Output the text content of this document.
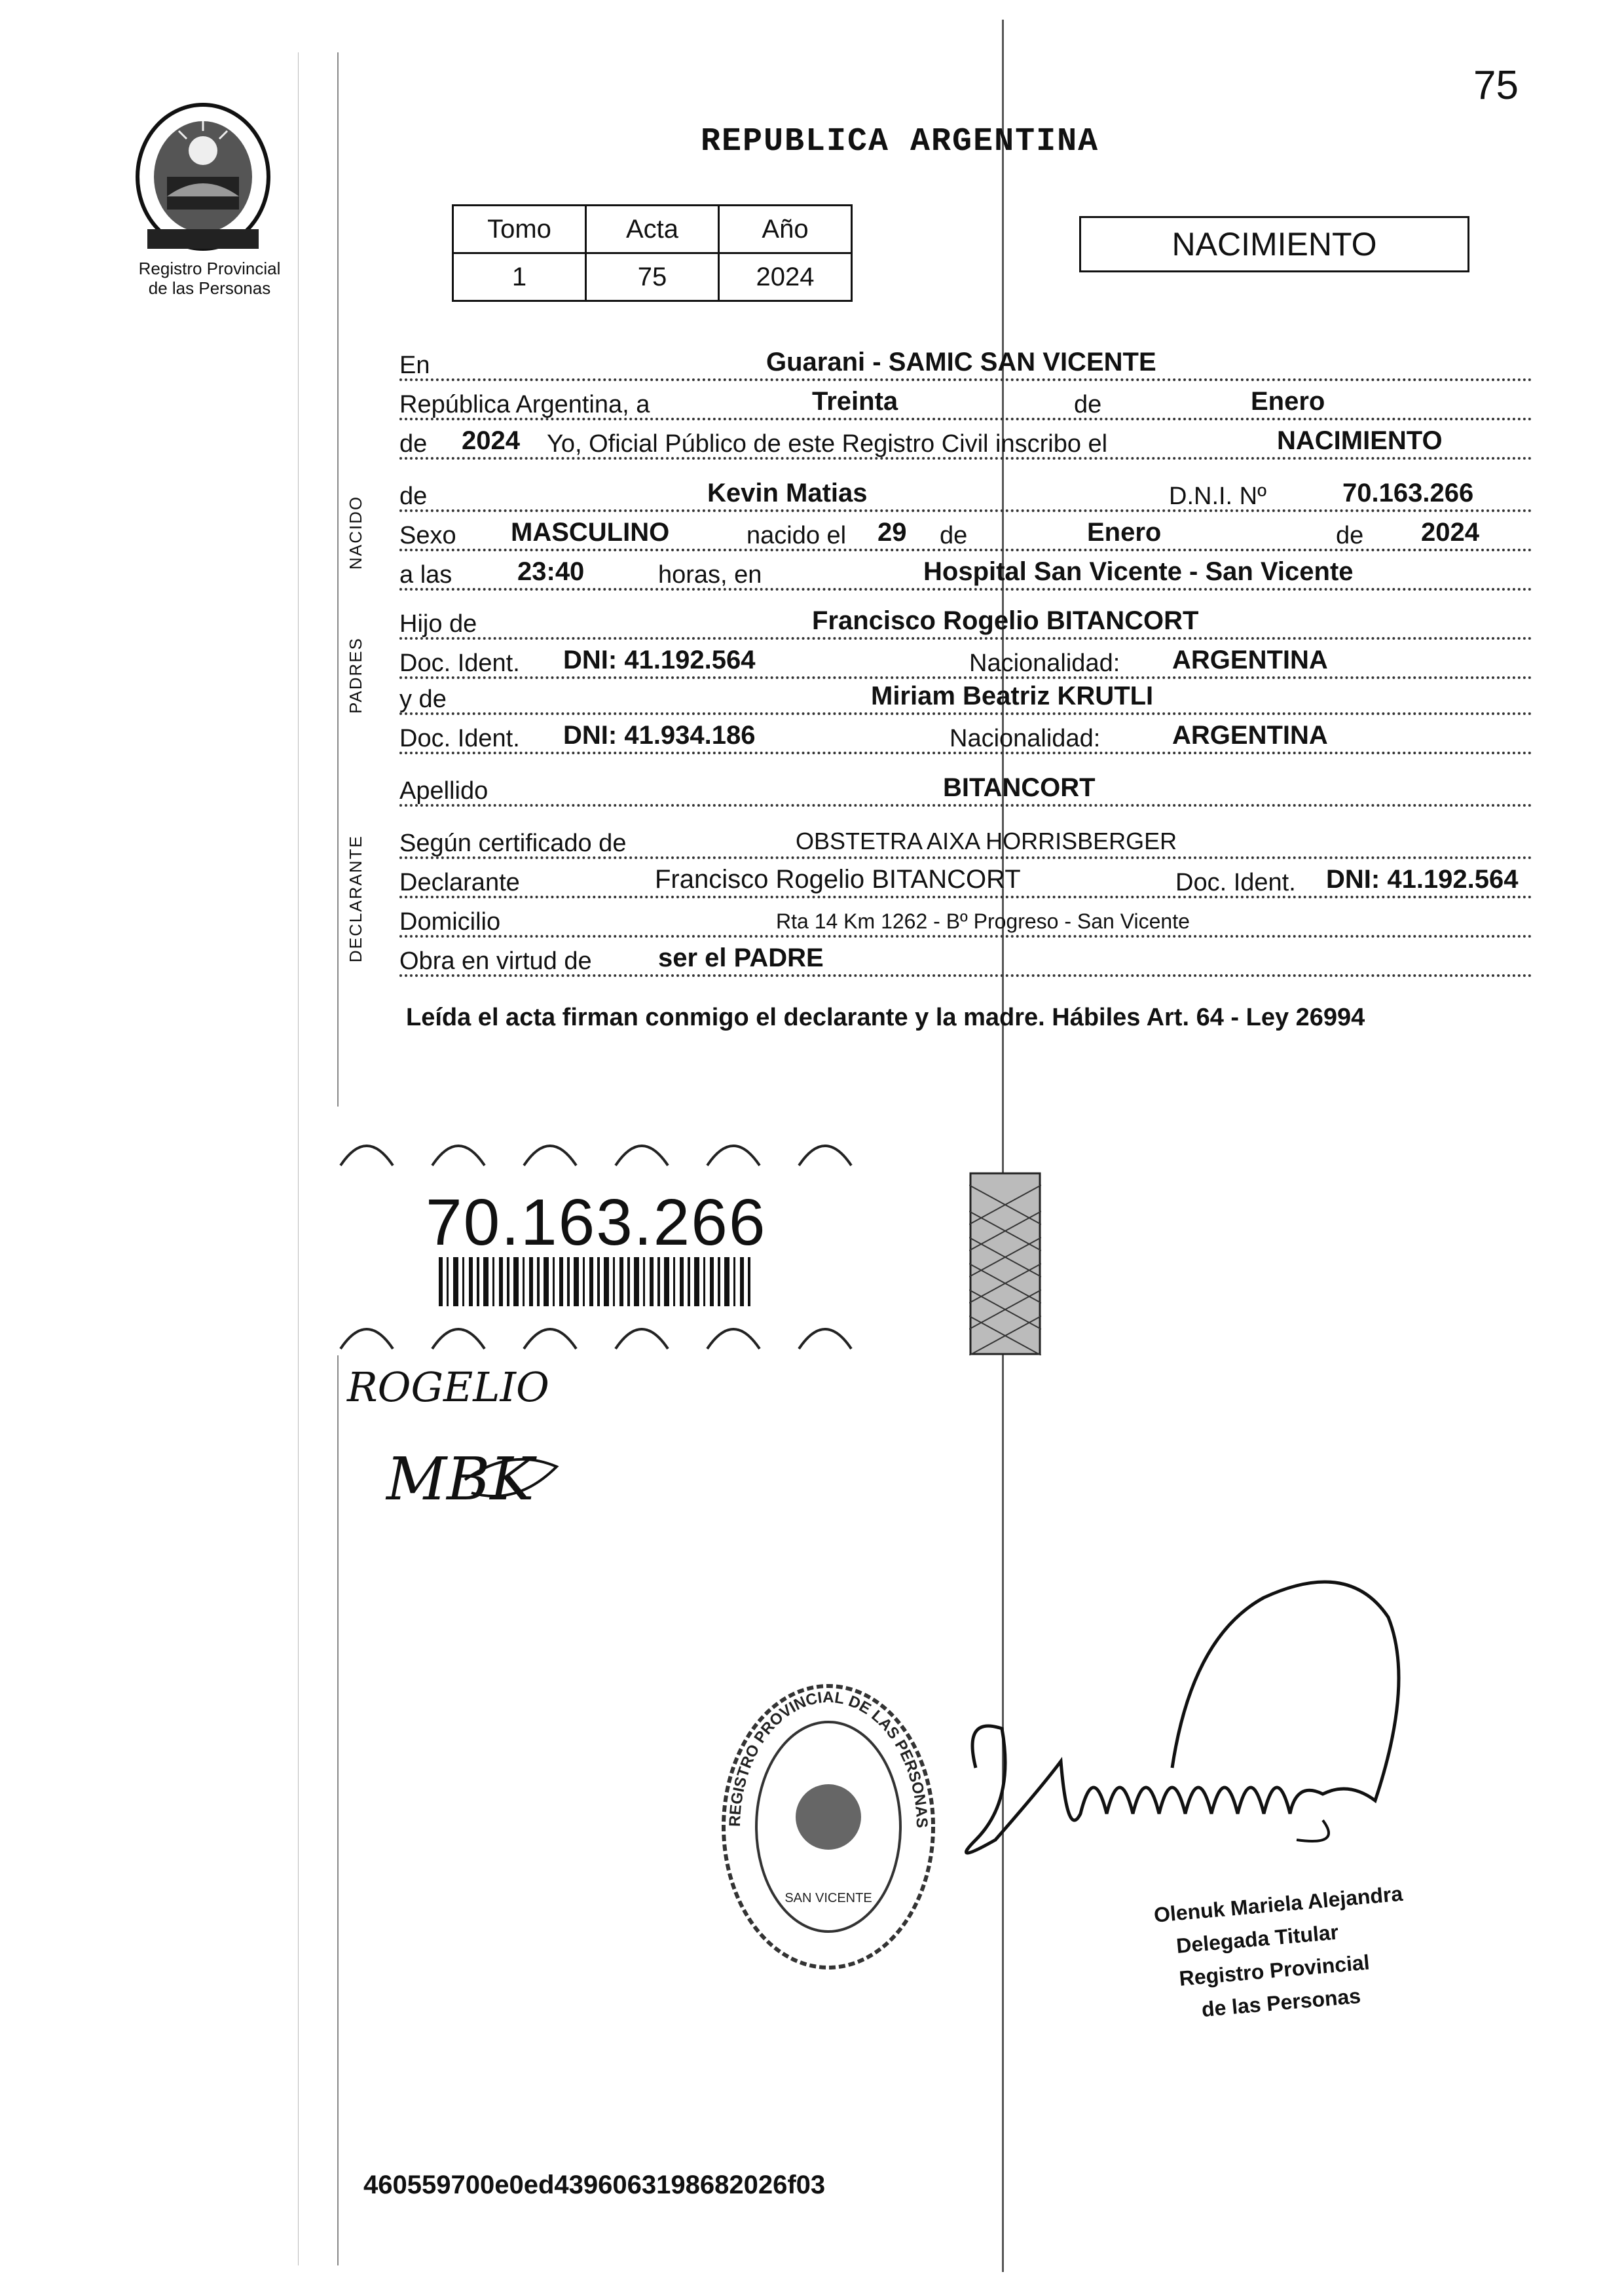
Registro Provincial
de las Personas
75
REPUBLICA ARGENTINA
Tomo	Acta	Año
1	75	2024
NACIMIENTO
En	Guarani - SAMIC SAN VICENTE
República Argentina, a	Treinta	de	Enero
de 2024 Yo, Oficial Público de este Registro Civil inscribo el	NACIMIENTO
NACIDO de	Kevin Matias	D.N.I. Nº	70.163.266
Sexo MASCULINO	nacido el 29 de	Enero	de 2024
a las 23:40	horas, en	Hospital San Vicente - San Vicente
PADRES
Hijo de	Francisco Rogelio BITANCORT
Doc. Ident. DNI: 41.192.564	Nacionalidad: ARGENTINA
y de	Miriam Beatriz KRUTLI
Doc. Ident. DNI: 41.934.186	Nacionalidad:	ARGENTINA
Apellido	BITANCORT
DECLARANTE Según certificado de	OBSTETRA AIXA HORRISBERGER
Declarante	Francisco Rogelio BITANCORT	Doc. Ident. DNI: 41.192.564
Domicilio	Rta 14 Km 1262 - Bº Progreso - San Vicente
Obra en virtud de	ser el PADRE
Leída el acta firman conmigo el declarante y la madre. Hábiles Art. 64 - Ley 26994
70.163.266
ROGELIO
MBK
REGISTRO PROVINCIAL DE LAS PERSONAS
SAN VICENTE	Olenuk Mariela Alejandra
Delegada Titular
Registro Provincial
de las Personas
460559700e0ed4396063198682026f03
